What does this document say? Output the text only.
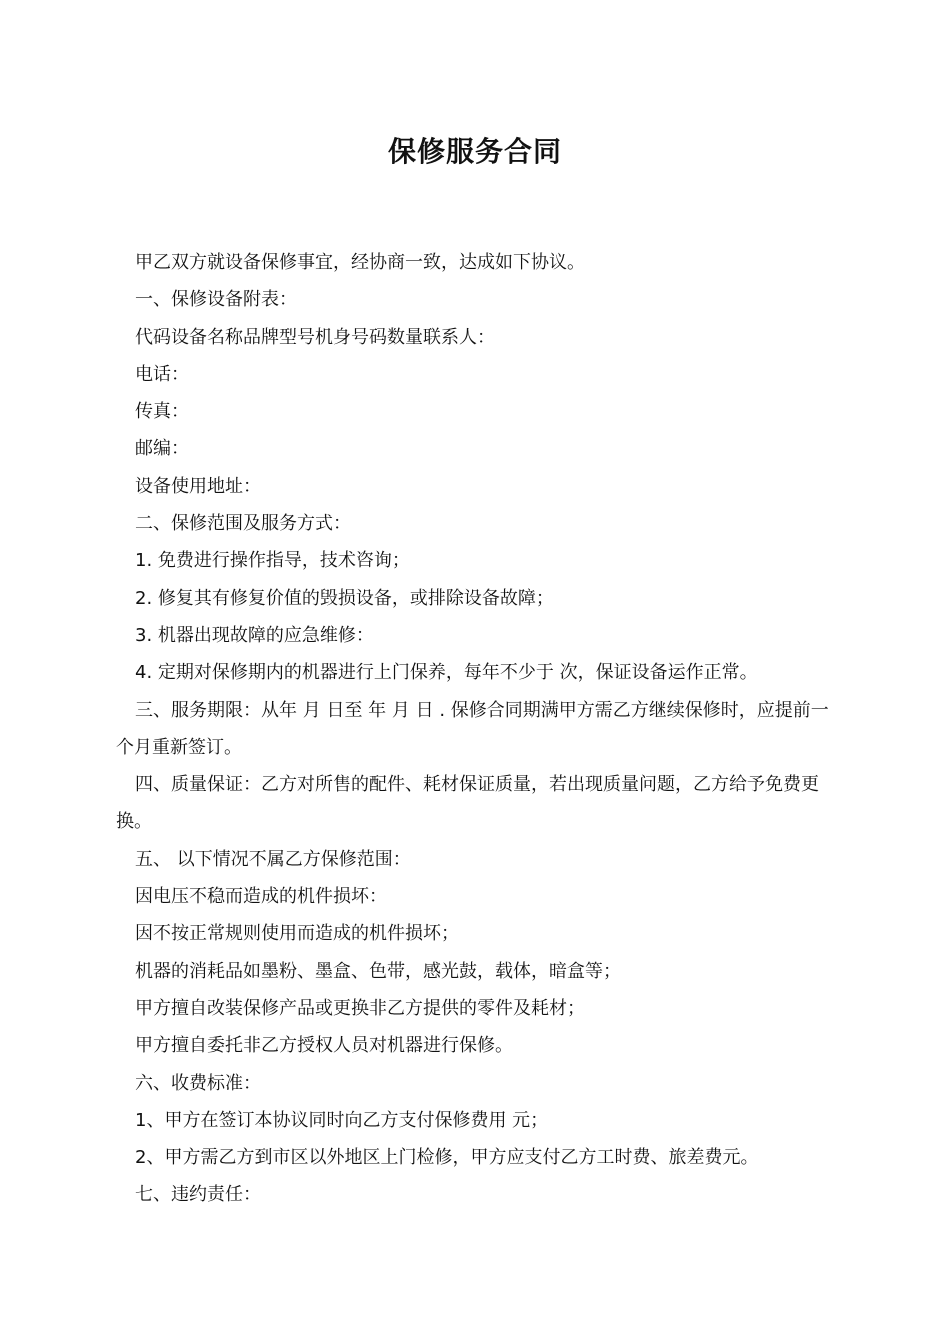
保修服务合同

甲乙双方就设备保修事宜，经协商一致，达成如下协议。

一、保修设备附表：

代码设备名称品牌型号机身号码数量联系人：

电话：

传真：

邮编：

设备使用地址：

二、保修范围及服务方式：

1. 免费进行操作指导，技术咨询；

2. 修复其有修复价值的毁损设备，或排除设备故障；

3. 机器出现故障的应急维修：

4. 定期对保修期内的机器进行上门保养，每年不少于 次，保证设备运作正常。

三、服务期限：从年 月 日至 年 月 日 . 保修合同期满甲方需乙方继续保修时，应提前一个月重新签订。

四、质量保证：乙方对所售的配件、耗材保证质量，若出现质量问题，乙方给予免费更换。

五、 以下情况不属乙方保修范围：

因电压不稳而造成的机件损坏：

因不按正常规则使用而造成的机件损坏；

机器的消耗品如墨粉、墨盒、色带，感光鼓，载体，暗盒等；

甲方擅自改装保修产品或更换非乙方提供的零件及耗材；

甲方擅自委托非乙方授权人员对机器进行保修。

六、收费标准：

1、甲方在签订本协议同时向乙方支付保修费用 元；

2、甲方需乙方到市区以外地区上门检修，甲方应支付乙方工时费、旅差费元。

七、违约责任：
